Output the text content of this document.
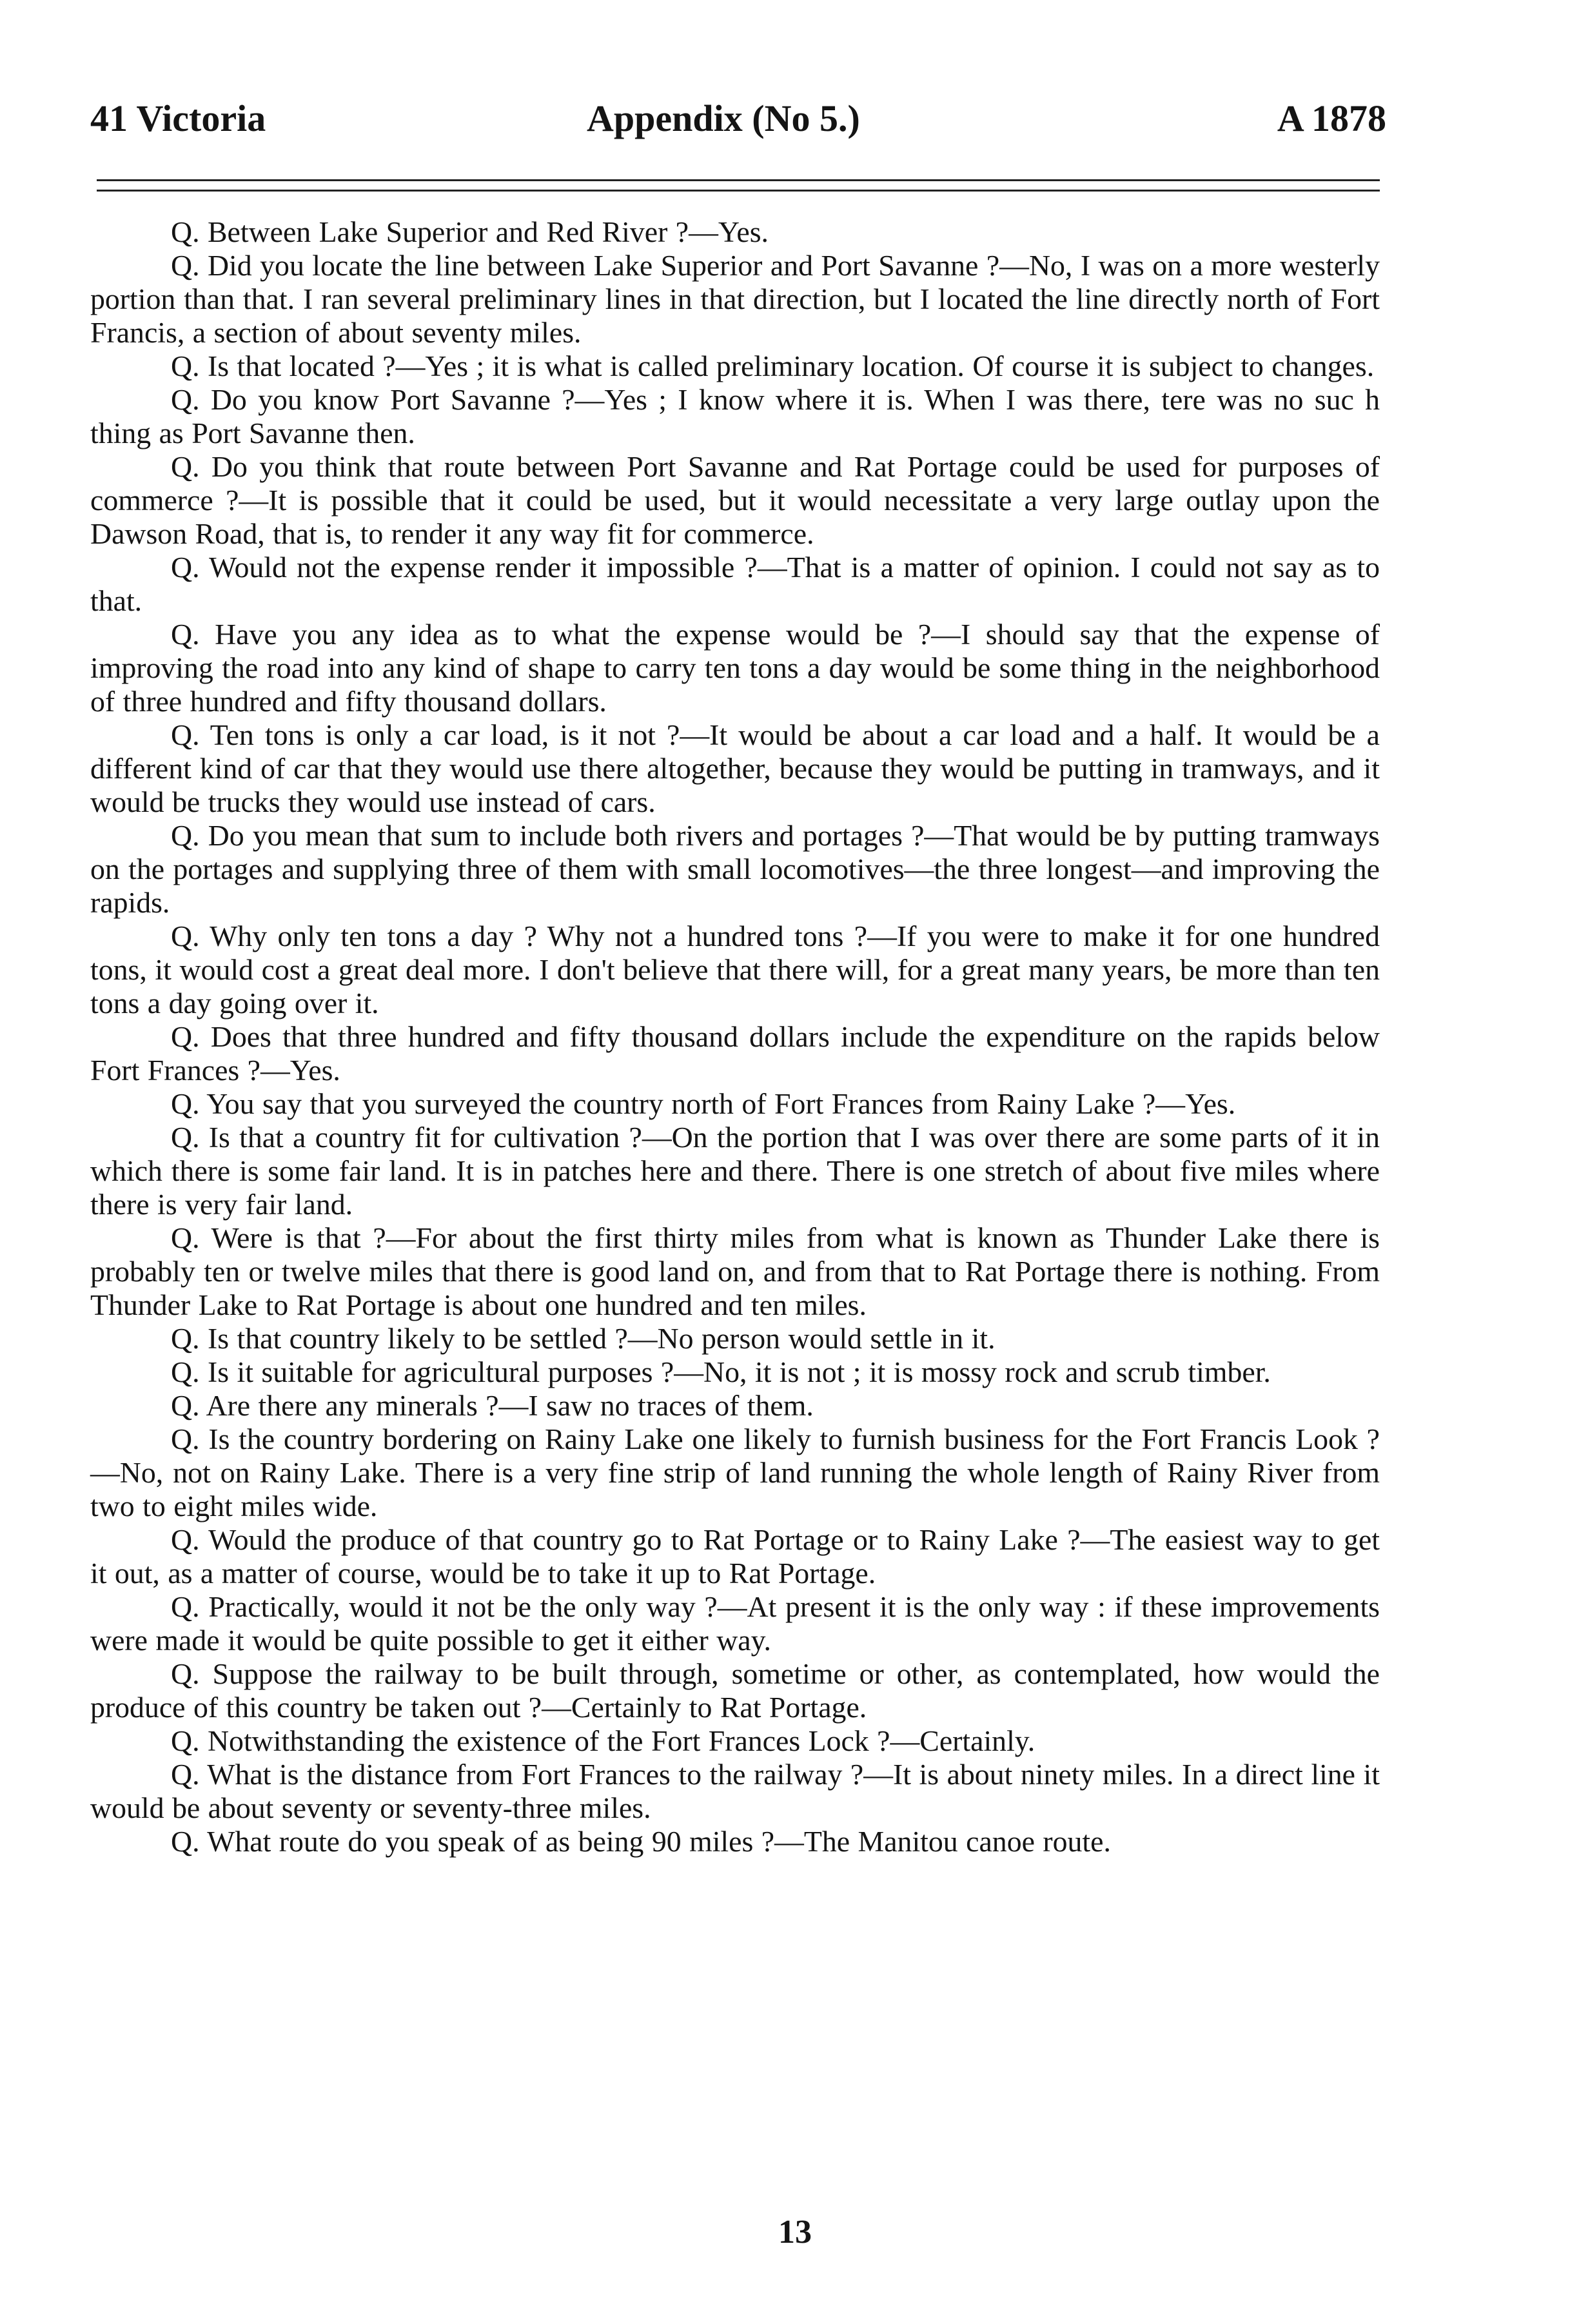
41 Victoria	Appendix (No 5.)	A 1878

Q. Between Lake Superior and Red River ?—Yes.

Q. Did you locate the line between Lake Superior and Port Savanne ?—No, I was on a more westerly portion than that. I ran several preliminary lines in that direction, but I located the line directly north of Fort Francis, a section of about seventy miles.

Q. Is that located ?—Yes ; it is what is called preliminary location. Of course it is subject to changes.

Q. Do you know Port Savanne ?—Yes ; I know where it is. When I was there, tere was no suc h thing as Port Savanne then.

Q. Do you think that route between Port Savanne and Rat Portage could be used for purposes of commerce ?—It is possible that it could be used, but it would necessitate a very large outlay upon the Dawson Road, that is, to render it any way fit for commerce.

Q. Would not the expense render it impossible ?—That is a matter of opinion. I could not say as to that.

Q. Have you any idea as to what the expense would be ?—I should say that the expense of improving the road into any kind of shape to carry ten tons a day would be some thing in the neighborhood of three hundred and fifty thousand dollars.

Q. Ten tons is only a car load, is it not ?—It would be about a car load and a half. It would be a different kind of car that they would use there altogether, because they would be putting in tramways, and it would be trucks they would use instead of cars.

Q. Do you mean that sum to include both rivers and portages ?—That would be by putting tramways on the portages and supplying three of them with small locomotives—the three longest—and improving the rapids.

Q. Why only ten tons a day ? Why not a hundred tons ?—If you were to make it for one hundred tons, it would cost a great deal more. I don't believe that there will, for a great many years, be more than ten tons a day going over it.

Q. Does that three hundred and fifty thousand dollars include the expenditure on the rapids below Fort Frances ?—Yes.

Q. You say that you surveyed the country north of Fort Frances from Rainy Lake ?—Yes.

Q. Is that a country fit for cultivation ?—On the portion that I was over there are some parts of it in which there is some fair land. It is in patches here and there. There is one stretch of about five miles where there is very fair land.

Q. Were is that ?—For about the first thirty miles from what is known as Thunder Lake there is probably ten or twelve miles that there is good land on, and from that to Rat Portage there is nothing. From Thunder Lake to Rat Portage is about one hundred and ten miles.

Q. Is that country likely to be settled ?—No person would settle in it.

Q. Is it suitable for agricultural purposes ?—No, it is not ; it is mossy rock and scrub timber.

Q. Are there any minerals ?—I saw no traces of them.

Q. Is the country bordering on Rainy Lake one likely to furnish business for the Fort Francis Look ?—No, not on Rainy Lake. There is a very fine strip of land running the whole length of Rainy River from two to eight miles wide.

Q. Would the produce of that country go to Rat Portage or to Rainy Lake ?—The easiest way to get it out, as a matter of course, would be to take it up to Rat Portage.

Q. Practically, would it not be the only way ?—At present it is the only way : if these improvements were made it would be quite possible to get it either way.

Q. Suppose the railway to be built through, sometime or other, as contemplated, how would the produce of this country be taken out ?—Certainly to Rat Portage.

Q. Notwithstanding the existence of the Fort Frances Lock ?—Certainly.

Q. What is the distance from Fort Frances to the railway ?—It is about ninety miles. In a direct line it would be about seventy or seventy-three miles.

Q. What route do you speak of as being 90 miles ?—The Manitou canoe route.

13
